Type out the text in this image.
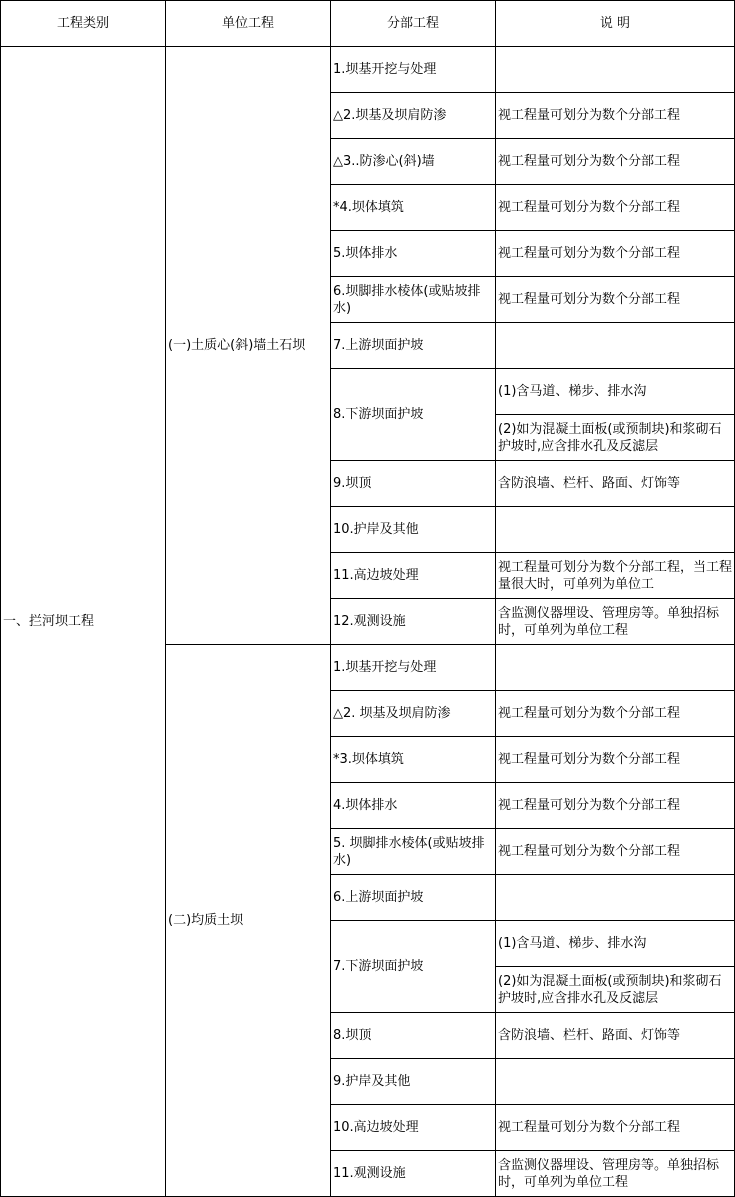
工程类别	单位工程	分部工程	说 明
一、拦河坝工程	(一)土质心(斜)墙土石坝	1.坝基开挖与处理	
		△2.坝基及坝肩防渗	视工程量可划分为数个分部工程
		△3..防渗心(斜)墙	视工程量可划分为数个分部工程
		*4.坝体填筑	视工程量可划分为数个分部工程
		5.坝体排水	视工程量可划分为数个分部工程
		6.坝脚排水棱体(或贴坡排水)	视工程量可划分为数个分部工程
		7.上游坝面护坡	
		8.下游坝面护坡	(1)含马道、梯步、排水沟
			(2)如为混凝土面板(或预制块)和浆砌石护坡时,应含排水孔及反滤层
		9.坝顶	含防浪墙、栏杆、路面、灯饰等
		10.护岸及其他	
		11.高边坡处理	视工程量可划分为数个分部工程，当工程量很大时，可单列为单位工
		12.观测设施	含监测仪器埋设、管理房等。单独招标时，可单列为单位工程
	(二)均质土坝	1.坝基开挖与处理	
		△2. 坝基及坝肩防渗	视工程量可划分为数个分部工程
		*3.坝体填筑	视工程量可划分为数个分部工程
		4.坝体排水	视工程量可划分为数个分部工程
		5. 坝脚排水棱体(或贴坡排水)	视工程量可划分为数个分部工程
		6.上游坝面护坡	
		7.下游坝面护坡	(1)含马道、梯步、排水沟
			(2)如为混凝土面板(或预制块)和浆砌石护坡时,应含排水孔及反滤层
		8.坝顶	含防浪墙、栏杆、路面、灯饰等
		9.护岸及其他	
		10.高边坡处理	视工程量可划分为数个分部工程
		11.观测设施	含监测仪器埋设、管理房等。单独招标时，可单列为单位工程
